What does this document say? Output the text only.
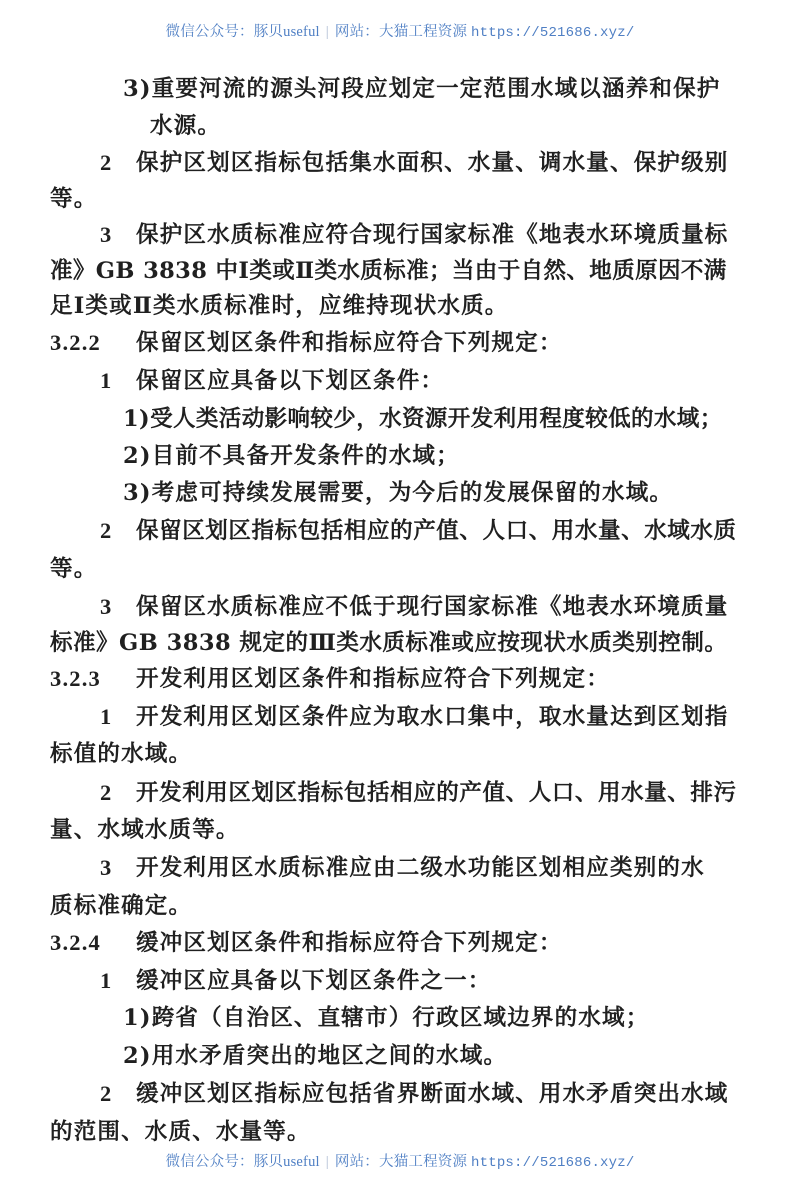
微信公众号：豚贝useful | 网站：大猫工程资源 https://521686.xyz/
3)重要河流的源头河段应划定一定范围水域以涵养和保护
水源。
2 保护区划区指标包括集水面积、水量、调水量、保护级别
等。
3 保护区水质标准应符合现行国家标准《地表水环境质量标
准》GB 3838 中Ⅰ类或Ⅱ类水质标准；当由于自然、地质原因不满
足Ⅰ类或Ⅱ类水质标准时，应维持现状水质。
3.2.2 保留区划区条件和指标应符合下列规定：
1 保留区应具备以下划区条件：
1)受人类活动影响较少，水资源开发利用程度较低的水域；
2)目前不具备开发条件的水域；
3)考虑可持续发展需要，为今后的发展保留的水域。
2 保留区划区指标包括相应的产值、人口、用水量、水域水质
等。
3 保留区水质标准应不低于现行国家标准《地表水环境质量
标准》GB 3838 规定的Ⅲ类水质标准或应按现状水质类别控制。
3.2.3 开发利用区划区条件和指标应符合下列规定：
1 开发利用区划区条件应为取水口集中，取水量达到区划指
标值的水域。
2 开发利用区划区指标包括相应的产值、人口、用水量、排污
量、水域水质等。
3 开发利用区水质标准应由二级水功能区划相应类别的水
质标准确定。
3.2.4 缓冲区划区条件和指标应符合下列规定：
1 缓冲区应具备以下划区条件之一：
1)跨省（自治区、直辖市）行政区域边界的水域；
2)用水矛盾突出的地区之间的水域。
2 缓冲区划区指标应包括省界断面水域、用水矛盾突出水域
的范围、水质、水量等。
微信公众号：豚贝useful | 网站：大猫工程资源 https://521686.xyz/
